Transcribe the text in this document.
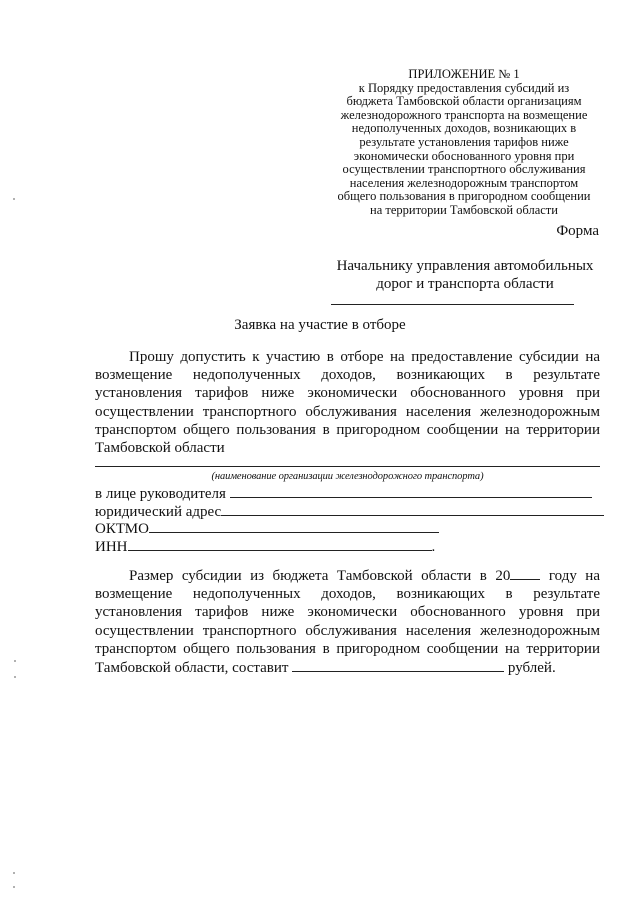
ПРИЛОЖЕНИЕ № 1
к Порядку предоставления субсидий из
бюджета Тамбовской области организациям
железнодорожного транспорта на возмещение
недополученных доходов, возникающих в
результате установления тарифов ниже
экономически обоснованного уровня при
осуществлении транспортного обслуживания
населения железнодорожным транспортом
общего пользования в пригородном сообщении
на территории Тамбовской области
Форма
Начальнику управления автомобильных
дорог и транспорта области
Заявка на участие в отборе
Прошу допустить к участию в отборе на предоставление субсидии на возмещение недополученных доходов, возникающих в результате установления тарифов ниже экономически обоснованного уровня при осуществлении транспортного обслуживания населения железнодорожным транспортом общего пользования в пригородном сообщении на территории Тамбовской области
(наименование организации железнодорожного транспорта)
в лице руководителя
юридический адрес
ОКТМО
ИНН	.
Размер субсидии из бюджета Тамбовской области в 20 году на возмещение недополученных доходов, возникающих в результате установления тарифов ниже экономически обоснованного уровня при осуществлении транспортного обслуживания населения железнодорожным транспортом общего пользования в пригородном сообщении на территории Тамбовской области, составит	рублей.
